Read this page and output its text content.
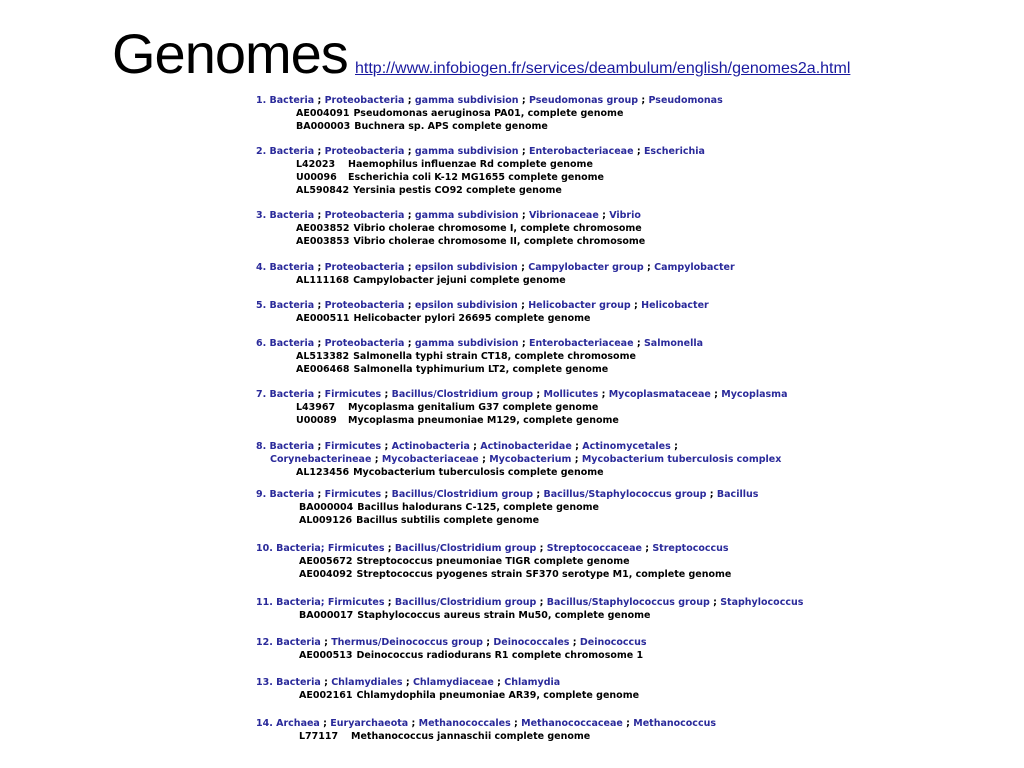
Genomes http://www.infobiogen.fr/services/deambulum/english/genomes2a.html
1. Bacteria ; Proteobacteria ; gamma subdivision ; Pseudomonas group ; Pseudomonas
AE004091 Pseudomonas aeruginosa PA01, complete genome
BA000003 Buchnera sp. APS complete genome
2. Bacteria ; Proteobacteria ; gamma subdivision ; Enterobacteriaceae ; Escherichia
L42023 Haemophilus influenzae Rd complete genome
U00096 Escherichia coli K-12 MG1655 complete genome
AL590842 Yersinia pestis CO92 complete genome
3. Bacteria ; Proteobacteria ; gamma subdivision ; Vibrionaceae ; Vibrio
AE003852 Vibrio cholerae chromosome I, complete chromosome
AE003853 Vibrio cholerae chromosome II, complete chromosome
4. Bacteria ; Proteobacteria ; epsilon subdivision ; Campylobacter group ; Campylobacter
AL111168 Campylobacter jejuni complete genome
5. Bacteria ; Proteobacteria ; epsilon subdivision ; Helicobacter group ; Helicobacter
AE000511 Helicobacter pylori 26695 complete genome
6. Bacteria ; Proteobacteria ; gamma subdivision ; Enterobacteriaceae ; Salmonella
AL513382 Salmonella typhi strain CT18, complete chromosome
AE006468 Salmonella typhimurium LT2, complete genome
7. Bacteria ; Firmicutes ; Bacillus/Clostridium group ; Mollicutes ; Mycoplasmataceae ; Mycoplasma
L43967 Mycoplasma genitalium G37 complete genome
U00089 Mycoplasma pneumoniae M129, complete genome
8. Bacteria ; Firmicutes ; Actinobacteria ; Actinobacteridae ; Actinomycetales ;
Corynebacterineae ; Mycobacteriaceae ; Mycobacterium ; Mycobacterium tuberculosis complex
AL123456 Mycobacterium tuberculosis complete genome
9. Bacteria ; Firmicutes ; Bacillus/Clostridium group ; Bacillus/Staphylococcus group ; Bacillus
BA000004 Bacillus halodurans C-125, complete genome
AL009126 Bacillus subtilis complete genome
10. Bacteria; Firmicutes ; Bacillus/Clostridium group ; Streptococcaceae ; Streptococcus
AE005672 Streptococcus pneumoniae TIGR complete genome
AE004092 Streptococcus pyogenes strain SF370 serotype M1, complete genome
11. Bacteria; Firmicutes ; Bacillus/Clostridium group ; Bacillus/Staphylococcus group ; Staphylococcus
BA000017 Staphylococcus aureus strain Mu50, complete genome
12. Bacteria ; Thermus/Deinococcus group ; Deinococcales ; Deinococcus
AE000513 Deinococcus radiodurans R1 complete chromosome 1
13. Bacteria ; Chlamydiales ; Chlamydiaceae ; Chlamydia
AE002161 Chlamydophila pneumoniae AR39, complete genome
14. Archaea ; Euryarchaeota ; Methanococcales ; Methanococcaceae ; Methanococcus
L77117 Methanococcus jannaschii complete genome
